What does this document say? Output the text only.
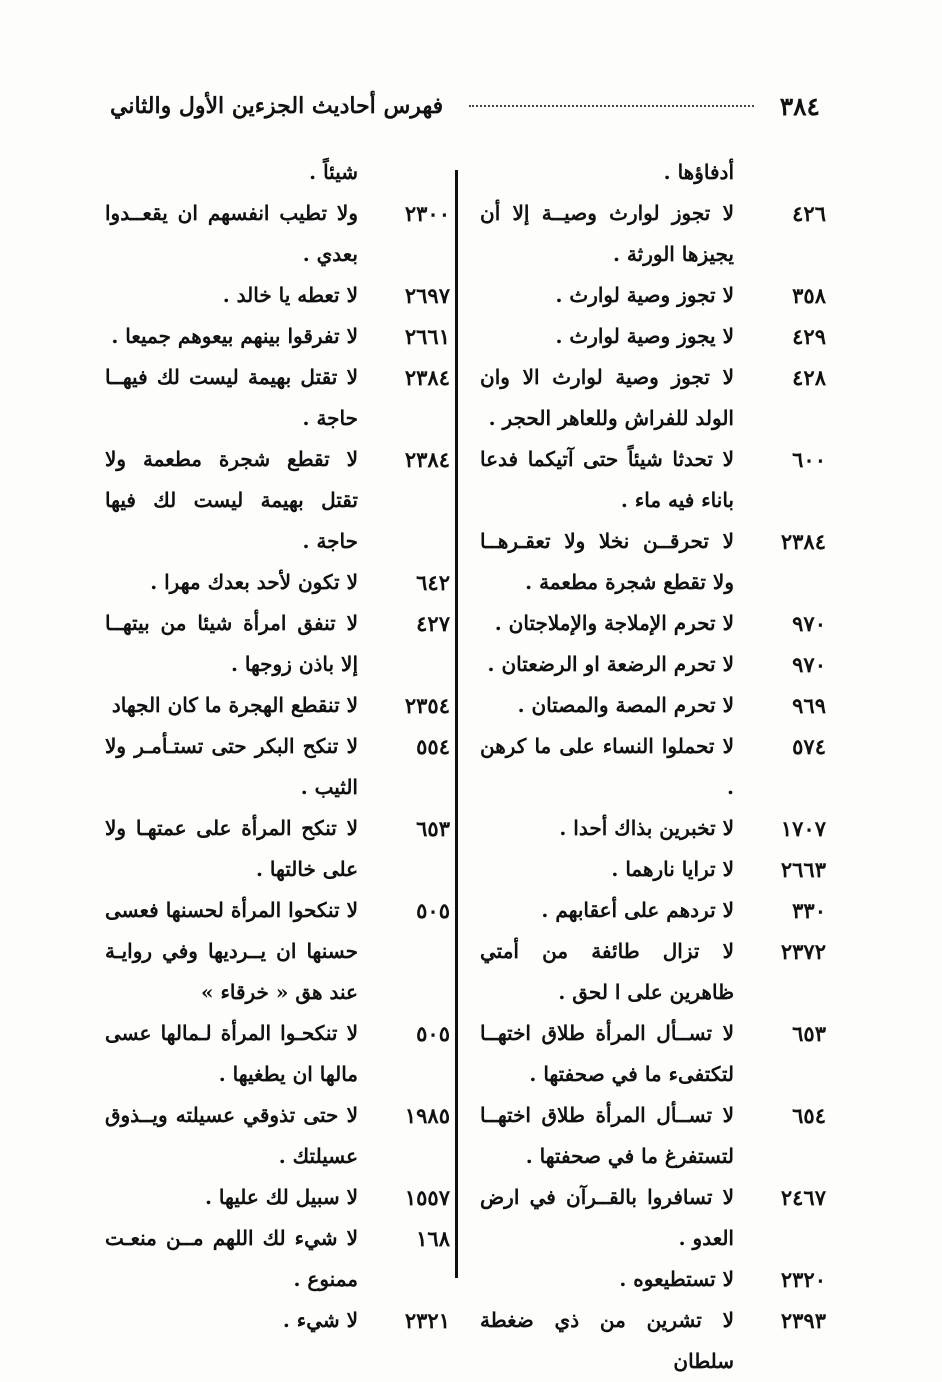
٣٨٤
فهرس أحاديث الجزءين الأول والثاني
أدفاؤها .
٤٢٦
لا تجوز لوارث وصيــة إلا أن يجيزها الورثة .
٣٥٨
لا تجوز وصية لوارث .
٤٢٩
لا يجوز وصية لوارث .
٤٢٨
لا تجوز وصية لوارث الا وان الولد للفراش وللعاهر الحجر .
٦٠٠
لا تحدثا شيئاً حتى آتيكما فدعا باناء فيه ماء .
٢٣٨٤
لا تحرقــن نخلا ولا تعقـرهــا ولا تقطع شجرة مطعمة .
٩٧٠
لا تحرم الإملاجة والإملاجتان .
٩٧٠
لا تحرم الرضعة او الرضعتان .
٩٦٩
لا تحرم المصة والمصتان .
٥٧٤
لا تحملوا النساء على ما كرهن .
١٧٠٧
لا تخبرين بذاك أحدا .
٢٦٦٣
لا ترايا نارهما .
٣٣٠
لا تردهم على أعقابهم .
٢٣٧٢
لا تزال طائفة من أمتي ظاهرين على ا لحق .
٦٥٣
لا تســأل المرأة طلاق اختهــا لتكتفىء ما في صحفتها .
٦٥٤
لا تســأل المرأة طلاق اختهــا لتستفرغ ما في صحفتها .
٢٤٦٧
لا تسافروا بالقــرآن في ارض العدو .
٢٣٢٠
لا تستطيعوه .
٢٣٩٣
لا تشرين من ذي ضغطة سلطان
شيئاً .
٢٣٠٠
ولا تطيب انفسهم ان يقعــدوا بعدي .
٢٦٩٧
لا تعطه يا خالد .
٢٦٦١
لا تفرقوا بينهم بيعوهم جميعا .
٢٣٨٤
لا تقتل بهيمة ليست لك فيهــا حاجة .
٢٣٨٤
لا تقطع شجرة مطعمة ولا تقتل بهيمة ليست لك فيها حاجة .
٦٤٢
لا تكون لأحد بعدك مهرا .
٤٢٧
لا تنفق امرأة شيئا من بيتهــا إلا باذن زوجها .
٢٣٥٤
لا تنقطع الهجرة ما كان الجهاد
٥٥٤
لا تنكح البكر حتى تستـأمـر ولا الثيب .
٦٥٣
لا تنكح المرأة على عمتهـا ولا على خالتها .
٥٠٥
لا تنكحوا المرأة لحسنها فعسى حسنها ان يــرديها وفي روايـة عند هق « خرقاء »
٥٠٥
لا تنكحـوا المرأة لـمالها عسى مالها ان يطغيها .
١٩٨٥
لا حتى تذوقي عسيلته ويــذوق عسيلتك .
١٥٥٧
لا سبيل لك عليها .
١٦٨
لا شيء لك اللهم مــن منعـت ممنوع .
٢٣٢١
لا شيء .
